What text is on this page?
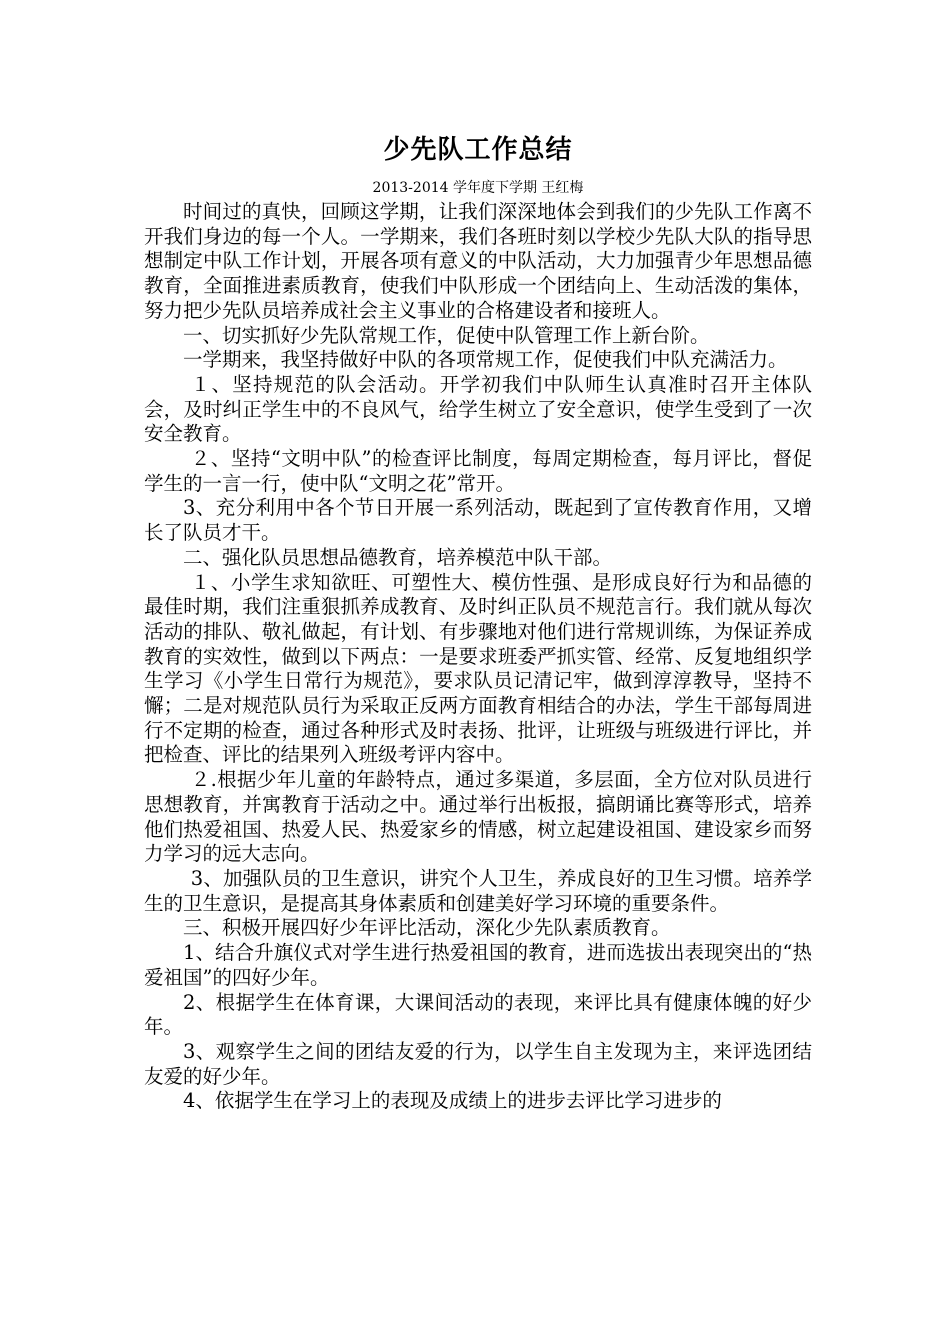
少先队工作总结
2013-2014 学年度下学期 王红梅

时间过的真快，回顾这学期，让我们深深地体会到我们的少先队工作离不开我们身边的每一个人。一学期来，我们各班时刻以学校少先队大队的指导思想制定中队工作计划，开展各项有意义的中队活动，大力加强青少年思想品德教育，全面推进素质教育，使我们中队形成一个团结向上、生动活泼的集体，努力把少先队员培养成社会主义事业的合格建设者和接班人。

一、切实抓好少先队常规工作，促使中队管理工作上新台阶。

一学期来，我坚持做好中队的各项常规工作，促使我们中队充满活力。

１、坚持规范的队会活动。开学初我们中队师生认真准时召开主体队会，及时纠正学生中的不良风气，给学生树立了安全意识，使学生受到了一次安全教育。

２、坚持“文明中队”的检查评比制度，每周定期检查，每月评比，督促学生的一言一行，使中队“文明之花”常开。

3、充分利用中各个节日开展一系列活动，既起到了宣传教育作用，又增长了队员才干。

二、强化队员思想品德教育，培养模范中队干部。

１、小学生求知欲旺、可塑性大、模仿性强、是形成良好行为和品德的最佳时期，我们注重狠抓养成教育、及时纠正队员不规范言行。我们就从每次活动的排队、敬礼做起，有计划、有步骤地对他们进行常规训练，为保证养成教育的实效性，做到以下两点：一是要求班委严抓实管、经常、反复地组织学生学习《小学生日常行为规范》，要求队员记清记牢，做到淳淳教导，坚持不懈；二是对规范队员行为采取正反两方面教育相结合的办法，学生干部每周进行不定期的检查，通过各种形式及时表扬、批评，让班级与班级进行评比，并把检查、评比的结果列入班级考评内容中。

２.根据少年儿童的年龄特点，通过多渠道，多层面，全方位对队员进行思想教育，并寓教育于活动之中。通过举行出板报，搞朗诵比赛等形式，培养他们热爱祖国、热爱人民、热爱家乡的情感，树立起建设祖国、建设家乡而努力学习的远大志向。

3、加强队员的卫生意识，讲究个人卫生，养成良好的卫生习惯。培养学生的卫生意识，是提高其身体素质和创建美好学习环境的重要条件。

三、积极开展四好少年评比活动，深化少先队素质教育。

1、结合升旗仪式对学生进行热爱祖国的教育，进而选拔出表现突出的“热爱祖国”的四好少年。

2、根据学生在体育课，大课间活动的表现，来评比具有健康体魄的好少年。

3、观察学生之间的团结友爱的行为，以学生自主发现为主，来评选团结友爱的好少年。

4、依据学生在学习上的表现及成绩上的进步去评比学习进步的
